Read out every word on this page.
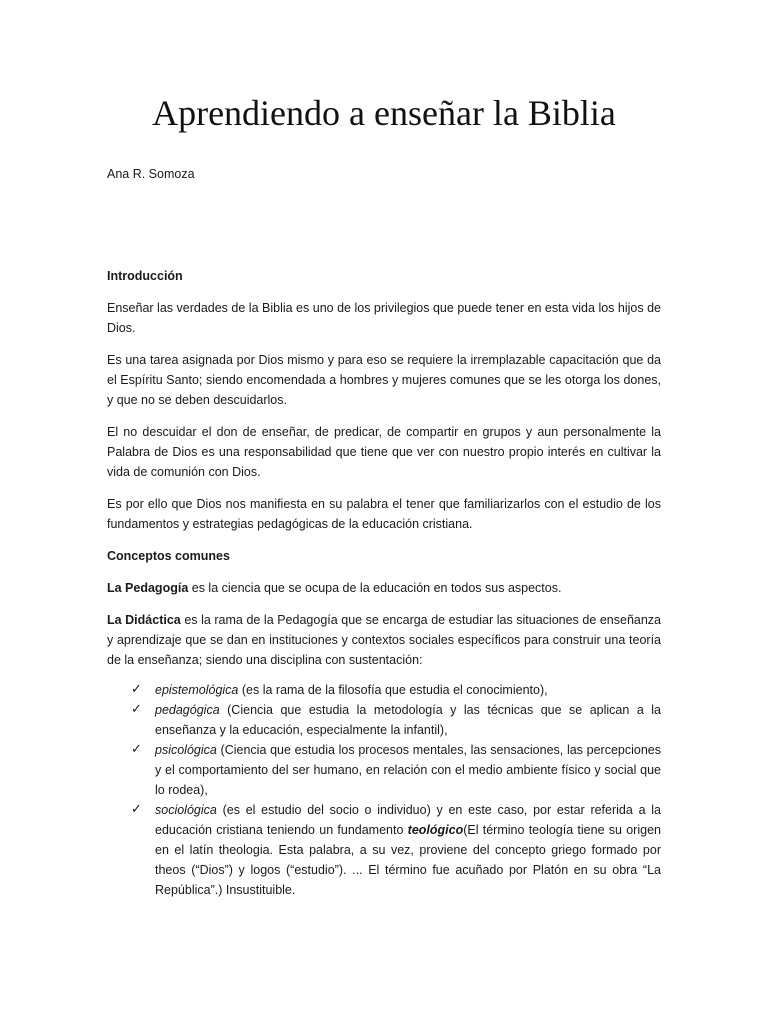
Aprendiendo a enseñar la Biblia

Ana R. Somoza

Introducción

Enseñar las verdades de la Biblia es uno de los privilegios que puede tener en esta vida los hijos de Dios.

Es una tarea asignada por Dios mismo y para eso se requiere la irremplazable capacitación que da el Espíritu Santo; siendo encomendada a hombres y mujeres comunes que se les otorga los dones, y que no se deben descuidarlos.

El no descuidar el don de enseñar, de predicar, de compartir en grupos y aun personalmente la Palabra de Dios es una responsabilidad que tiene que ver con nuestro propio interés en cultivar la vida de comunión con Dios.

Es por ello que Dios nos manifiesta en su palabra el tener que familiarizarlos con el estudio de los fundamentos y estrategias pedagógicas de la educación cristiana.

Conceptos comunes

La Pedagogía es la ciencia que se ocupa de la educación en todos sus aspectos.

La Didáctica es la rama de la Pedagogía que se encarga de estudiar las situaciones de enseñanza y aprendizaje que se dan en instituciones y contextos sociales específicos para construir una teoría de la enseñanza; siendo una disciplina con sustentación:

✓ epistemológica (es la rama de la filosofía que estudia el conocimiento),
✓ pedagógica (Ciencia que estudia la metodología y las técnicas que se aplican a la enseñanza y la educación, especialmente la infantil),
✓ psicológica (Ciencia que estudia los procesos mentales, las sensaciones, las percepciones y el comportamiento del ser humano, en relación con el medio ambiente físico y social que lo rodea),
✓ sociológica (es el estudio del socio o individuo) y en este caso, por estar referida a la educación cristiana teniendo un fundamento teológico(El término teología tiene su origen en el latín theologia. Esta palabra, a su vez, proviene del concepto griego formado por theos (“Dios”) y logos (“estudio”). ... El término fue acuñado por Platón en su obra “La República”.) Insustituible.
